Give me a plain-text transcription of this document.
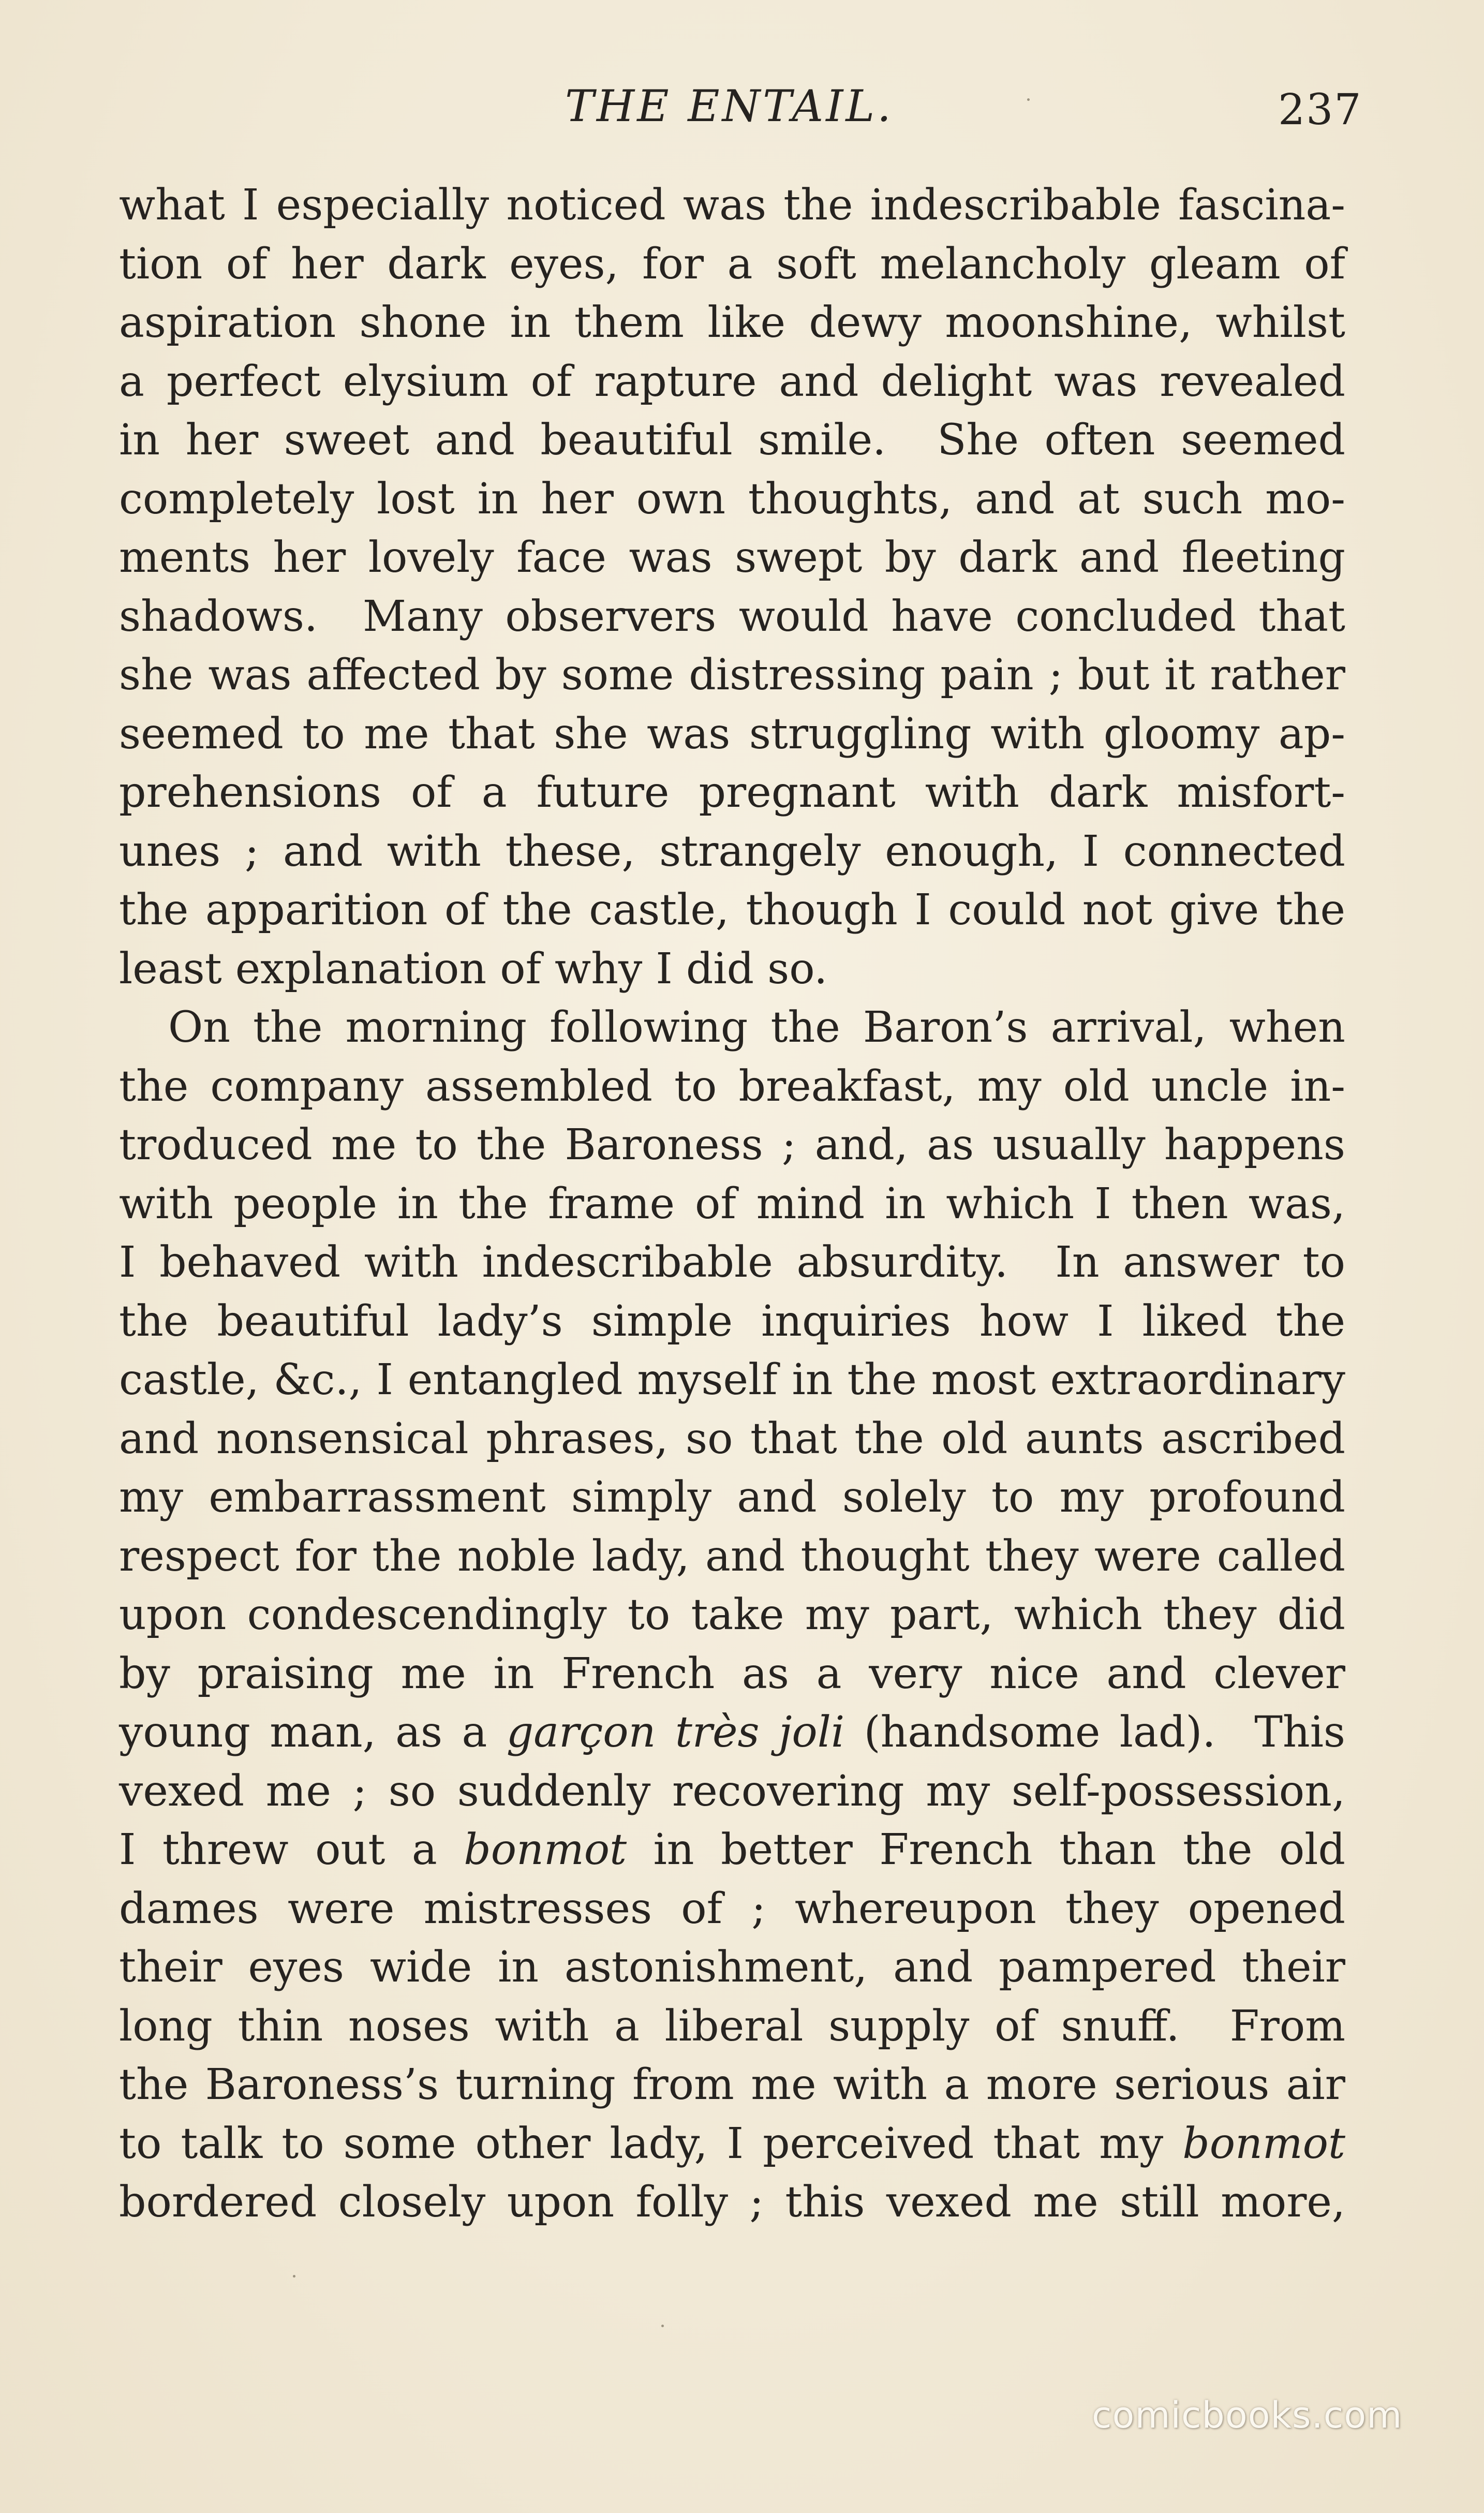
THE ENTAIL.	237
what I especially noticed was the indescribable fascina-
tion of her dark eyes, for a soft melancholy gleam of
aspiration shone in them like dewy moonshine, whilst
a perfect elysium of rapture and delight was revealed
in her sweet and beautiful smile.  She often seemed
completely lost in her own thoughts, and at such mo-
ments her lovely face was swept by dark and fleeting
shadows.  Many observers would have concluded that
she was affected by some distressing pain ; but it rather
seemed to me that she was struggling with gloomy ap-
prehensions of a future pregnant with dark misfort-
unes ; and with these, strangely enough, I connected
the apparition of the castle, though I could not give the
least explanation of why I did so.
On the morning following the Baron’s arrival, when
the company assembled to breakfast, my old uncle in-
troduced me to the Baroness ; and, as usually happens
with people in the frame of mind in which I then was,
I behaved with indescribable absurdity.  In answer to
the beautiful lady’s simple inquiries how I liked the
castle, &c., I entangled myself in the most extraordinary
and nonsensical phrases, so that the old aunts ascribed
my embarrassment simply and solely to my profound
respect for the noble lady, and thought they were called
upon condescendingly to take my part, which they did
by praising me in French as a very nice and clever
young man, as a garçon très joli (handsome lad).  This
vexed me ; so suddenly recovering my self-possession,
I threw out a bonmot in better French than the old
dames were mistresses of ; whereupon they opened
their eyes wide in astonishment, and pampered their
long thin noses with a liberal supply of snuff.  From
the Baroness’s turning from me with a more serious air
to talk to some other lady, I perceived that my bonmot
bordered closely upon folly ; this vexed me still more,
comicbooks.com
